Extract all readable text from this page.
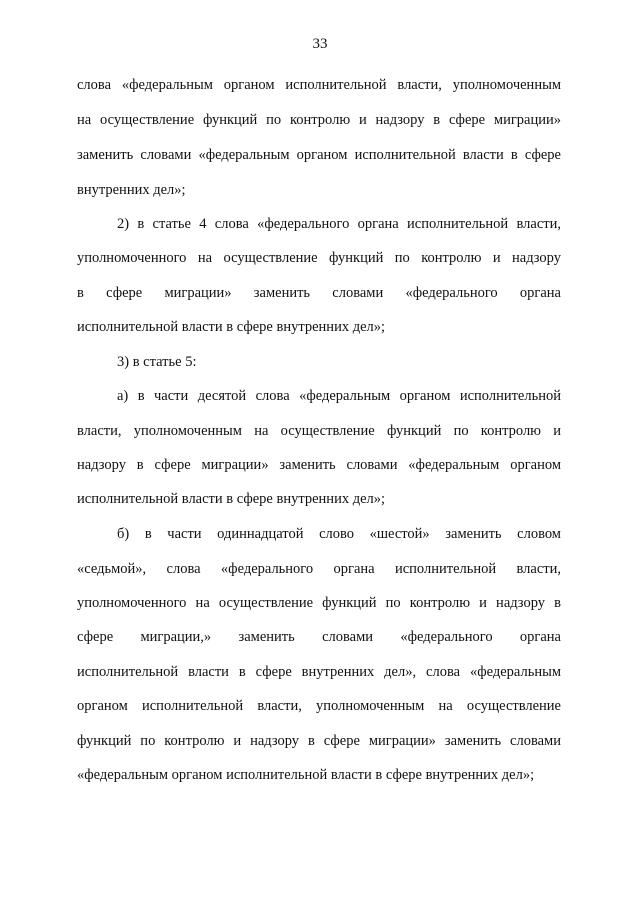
33
слова «федеральным органом исполнительной власти, уполномоченным
на осуществление функций по контролю и надзору в сфере миграции»
заменить словами «федеральным органом исполнительной власти в сфере
внутренних дел»;
2) в статье 4 слова «федерального органа исполнительной власти,
уполномоченного на осуществление функций по контролю и надзору
в сфере миграции» заменить словами «федерального органа
исполнительной власти в сфере внутренних дел»;
3) в статье 5:
а) в части десятой слова «федеральным органом исполнительной
власти, уполномоченным на осуществление функций по контролю и
надзору в сфере миграции» заменить словами «федеральным органом
исполнительной власти в сфере внутренних дел»;
б) в части одиннадцатой слово «шестой» заменить словом
«седьмой», слова «федерального органа исполнительной власти,
уполномоченного на осуществление функций по контролю и надзору в
сфере миграции,» заменить словами «федерального органа
исполнительной власти в сфере внутренних дел», слова «федеральным
органом исполнительной власти, уполномоченным на осуществление
функций по контролю и надзору в сфере миграции» заменить словами
«федеральным органом исполнительной власти в сфере внутренних дел»;
